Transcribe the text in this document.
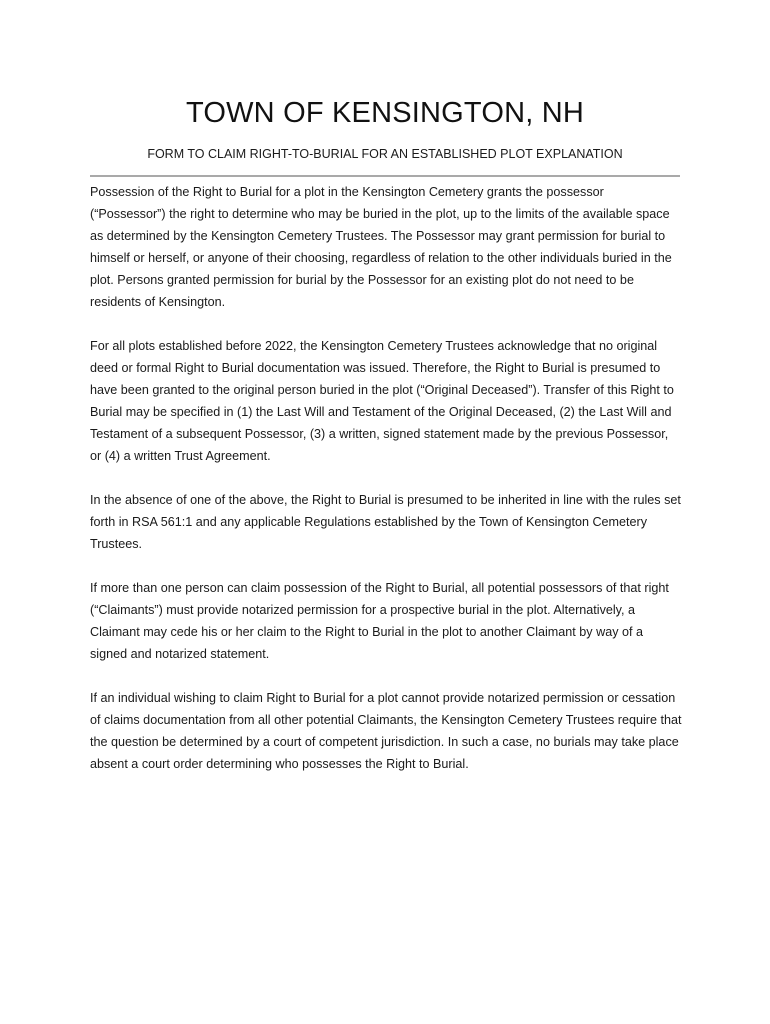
TOWN OF KENSINGTON, NH

FORM TO CLAIM RIGHT-TO-BURIAL FOR AN ESTABLISHED PLOT EXPLANATION

Possession of the Right to Burial for a plot in the Kensington Cemetery grants the possessor (“Possessor”) the right to determine who may be buried in the plot, up to the limits of the available space as determined by the Kensington Cemetery Trustees. The Possessor may grant permission for burial to himself or herself, or anyone of their choosing, regardless of relation to the other individuals buried in the plot. Persons granted permission for burial by the Possessor for an existing plot do not need to be residents of Kensington.

For all plots established before 2022, the Kensington Cemetery Trustees acknowledge that no original deed or formal Right to Burial documentation was issued. Therefore, the Right to Burial is presumed to have been granted to the original person buried in the plot (“Original Deceased”). Transfer of this Right to Burial may be specified in (1) the Last Will and Testament of the Original Deceased, (2) the Last Will and Testament of a subsequent Possessor, (3) a written, signed statement made by the previous Possessor, or (4) a written Trust Agreement.

In the absence of one of the above, the Right to Burial is presumed to be inherited in line with the rules set forth in RSA 561:1 and any applicable Regulations established by the Town of Kensington Cemetery Trustees.

If more than one person can claim possession of the Right to Burial, all potential possessors of that right (“Claimants”) must provide notarized permission for a prospective burial in the plot. Alternatively, a Claimant may cede his or her claim to the Right to Burial in the plot to another Claimant by way of a signed and notarized statement.

If an individual wishing to claim Right to Burial for a plot cannot provide notarized permission or cessation of claims documentation from all other potential Claimants, the Kensington Cemetery Trustees require that the question be determined by a court of competent jurisdiction. In such a case, no burials may take place absent a court order determining who possesses the Right to Burial.
